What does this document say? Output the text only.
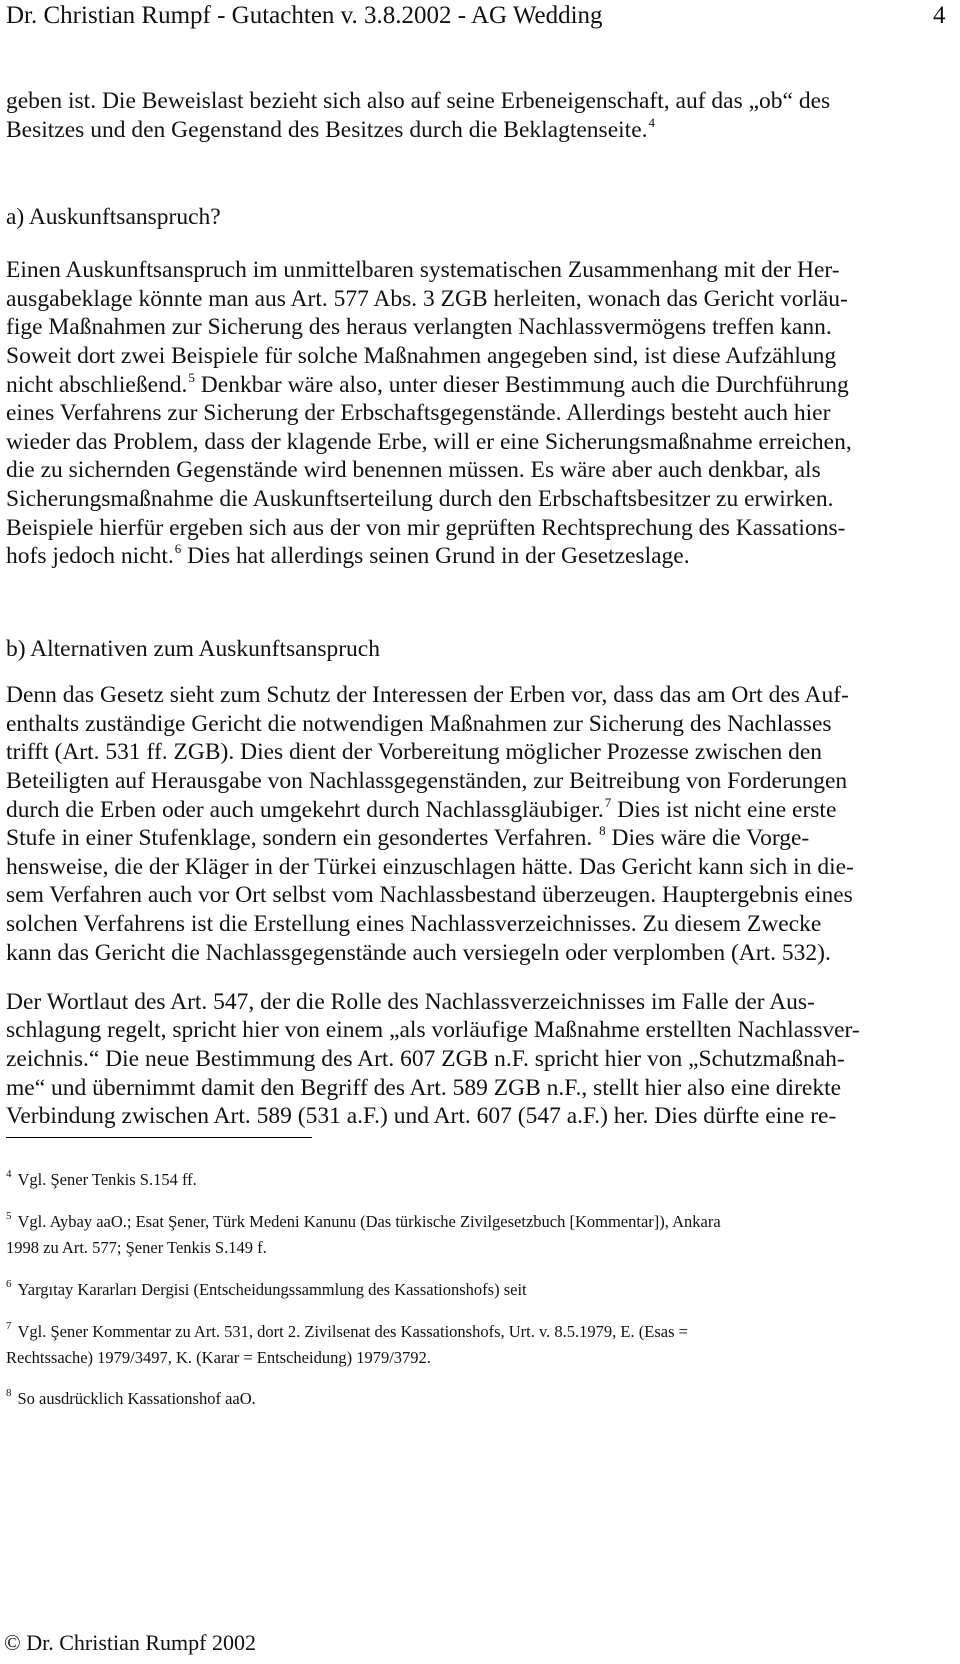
Dr. Christian Rumpf - Gutachten v. 3.8.2002 - AG Wedding	4
geben ist. Die Beweislast bezieht sich also auf seine Erbeneigenschaft, auf das „ob“ des
Besitzes und den Gegenstand des Besitzes durch die Beklagtenseite.$^4$
a) Auskunftsanspruch?
Einen Auskunftsanspruch im unmittelbaren systematischen Zusammenhang mit der Her-
ausgabeklage könnte man aus Art. 577 Abs. 3 ZGB herleiten, wonach das Gericht vorläu-
fige Maßnahmen zur Sicherung des heraus verlangten Nachlassvermögens treffen kann.
Soweit dort zwei Beispiele für solche Maßnahmen angegeben sind, ist diese Aufzählung
nicht abschließend.$^5$ Denkbar wäre also, unter dieser Bestimmung auch die Durchführung
eines Verfahrens zur Sicherung der Erbschaftsgegenstände. Allerdings besteht auch hier
wieder das Problem, dass der klagende Erbe, will er eine Sicherungsmaßnahme erreichen,
die zu sichernden Gegenstände wird benennen müssen. Es wäre aber auch denkbar, als
Sicherungsmaßnahme die Auskunftserteilung durch den Erbschaftsbesitzer zu erwirken.
Beispiele hierfür ergeben sich aus der von mir geprüften Rechtsprechung des Kassations-
hofs jedoch nicht.$^6$ Dies hat allerdings seinen Grund in der Gesetzeslage.
b) Alternativen zum Auskunftsanspruch
Denn das Gesetz sieht zum Schutz der Interessen der Erben vor, dass das am Ort des Auf-
enthalts zuständige Gericht die notwendigen Maßnahmen zur Sicherung des Nachlasses
trifft (Art. 531 ff. ZGB). Dies dient der Vorbereitung möglicher Prozesse zwischen den
Beteiligten auf Herausgabe von Nachlassgegenständen, zur Beitreibung von Forderungen
durch die Erben oder auch umgekehrt durch Nachlassgläubiger.$^7$ Dies ist nicht eine erste
Stufe in einer Stufenklage, sondern ein gesondertes Verfahren. $^8$ Dies wäre die Vorge-
hensweise, die der Kläger in der Türkei einzuschlagen hätte. Das Gericht kann sich in die-
sem Verfahren auch vor Ort selbst vom Nachlassbestand überzeugen. Hauptergebnis eines
solchen Verfahrens ist die Erstellung eines Nachlassverzeichnisses. Zu diesem Zwecke
kann das Gericht die Nachlassgegenstände auch versiegeln oder verplomben (Art. 532).
Der Wortlaut des Art. 547, der die Rolle des Nachlassverzeichnisses im Falle der Aus-
schlagung regelt, spricht hier von einem „als vorläufige Maßnahme erstellten Nachlassver-
zeichnis.“ Die neue Bestimmung des Art. 607 ZGB n.F. spricht hier von „Schutzmaßnah-
me“ und übernimmt damit den Begriff des Art. 589 ZGB n.F., stellt hier also eine direkte
Verbindung zwischen Art. 589 (531 a.F.) und Art. 607 (547 a.F.) her. Dies dürfte eine re-
$^4$ Vgl. Şener Tenkis S.154 ff.
$^5$ Vgl. Aybay aaO.; Esat Şener, Türk Medeni Kanunu (Das türkische Zivilgesetzbuch [Kommentar]), Ankara
1998 zu Art. 577; Şener Tenkis S.149 f.
$^6$ Yargıtay Kararları Dergisi (Entscheidungssammlung des Kassationshofs) seit
$^7$ Vgl. Şener Kommentar zu Art. 531, dort 2. Zivilsenat des Kassationshofs, Urt. v. 8.5.1979, E. (Esas =
Rechtssache) 1979/3497, K. (Karar = Entscheidung) 1979/3792.
$^8$ So ausdrücklich Kassationshof aaO.
© Dr. Christian Rumpf 2002
